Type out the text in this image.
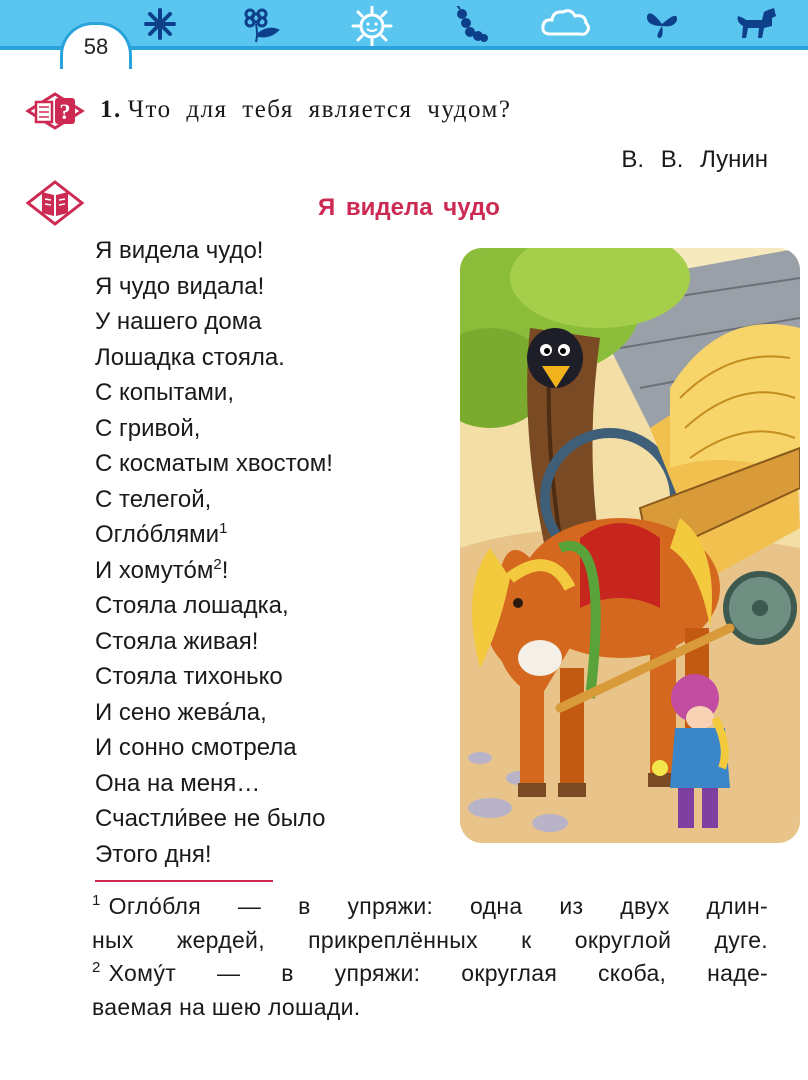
58
? 1. Что для тебя является чудом?
В. В. Лунин
Я видела чудо
Я видела чудо!
Я чудо видала!
У нашего дома
Лошадка стояла.
С копытами,
С гривой,
С косматым хвостом!
С телегой,
Огло́блями$^1$
И $хомуто́м^2$!
Стояла лошадка,
Стояла живая!
Стояла тихонько
И сено жева́ла,
И сонно смотрела
Она на меня…
Счастли́вее не было
Этого дня!

$^1$ Огло́бля — в упряжи: одна из двух длин-

ных жердей, прикреплённых к округлой дуге.

$^2$ Хому́т — в упряжи: округлая скоба, наде-

ваемая на шею лошади.
